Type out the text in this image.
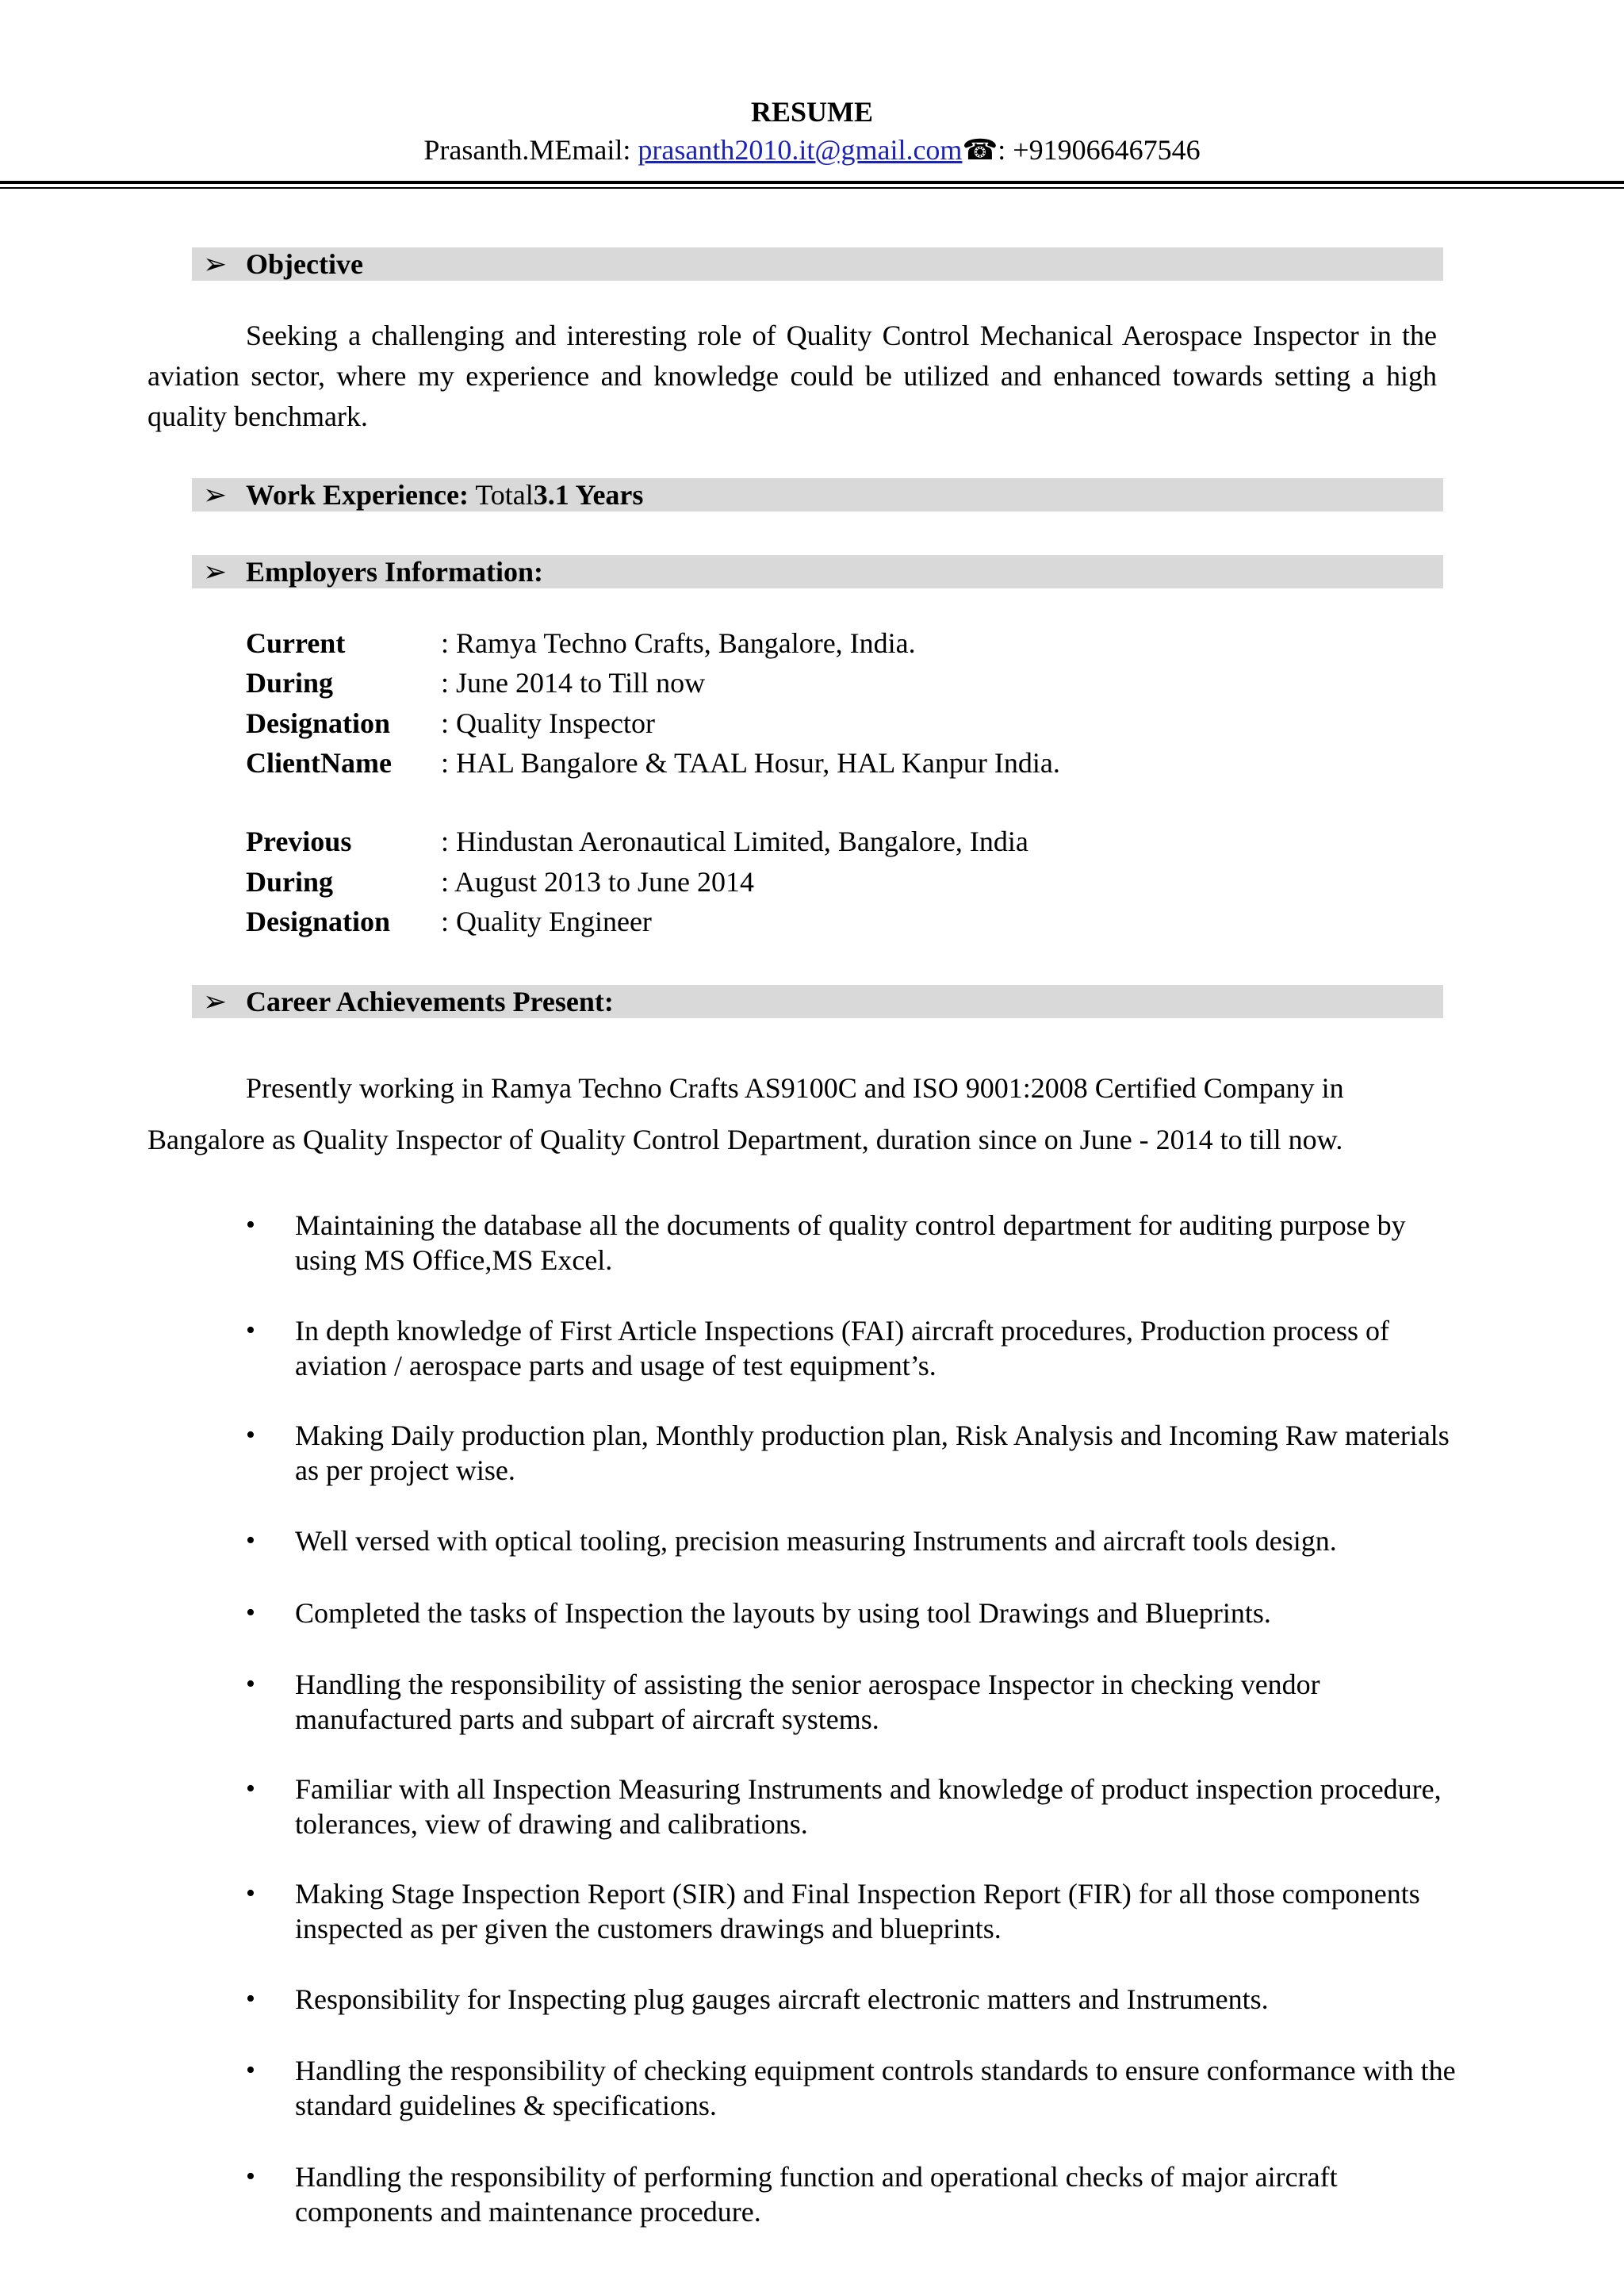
RESUME
Prasanth.MEmail: prasanth2010.it@gmail.com☎: +919066467546
➢ Objective
Seeking a challenging and interesting role of Quality Control Mechanical Aerospace Inspector in the aviation sector, where my experience and knowledge could be utilized and enhanced towards setting a high quality benchmark.
➢ Work Experience: Total3.1 Years
➢ Employers Information:
Current	: Ramya Techno Crafts, Bangalore, India.
During	: June 2014 to Till now
Designation : Quality Inspector
ClientName : HAL Bangalore & TAAL Hosur, HAL Kanpur India.
Previous	: Hindustan Aeronautical Limited, Bangalore, India
During	: August 2013 to June 2014
Designation : Quality Engineer
➢ Career Achievements Present:
Presently working in Ramya Techno Crafts AS9100C and ISO 9001:2008 Certified Company in
Bangalore as Quality Inspector of Quality Control Department, duration since on June - 2014 to till now.
• Maintaining the database all the documents of quality control department for auditing purpose by using MS Office,MS Excel.
• In depth knowledge of First Article Inspections (FAI) aircraft procedures, Production process of aviation / aerospace parts and usage of test equipment’s.
• Making Daily production plan, Monthly production plan, Risk Analysis and Incoming Raw materials as per project wise.
• Well versed with optical tooling, precision measuring Instruments and aircraft tools design.
• Completed the tasks of Inspection the layouts by using tool Drawings and Blueprints.
• Handling the responsibility of assisting the senior aerospace Inspector in checking vendor manufactured parts and subpart of aircraft systems.
• Familiar with all Inspection Measuring Instruments and knowledge of product inspection procedure, tolerances, view of drawing and calibrations.
• Making Stage Inspection Report (SIR) and Final Inspection Report (FIR) for all those components inspected as per given the customers drawings and blueprints.
• Responsibility for Inspecting plug gauges aircraft electronic matters and Instruments.
• Handling the responsibility of checking equipment controls standards to ensure conformance with the standard guidelines & specifications.
• Handling the responsibility of performing function and operational checks of major aircraft components and maintenance procedure.
